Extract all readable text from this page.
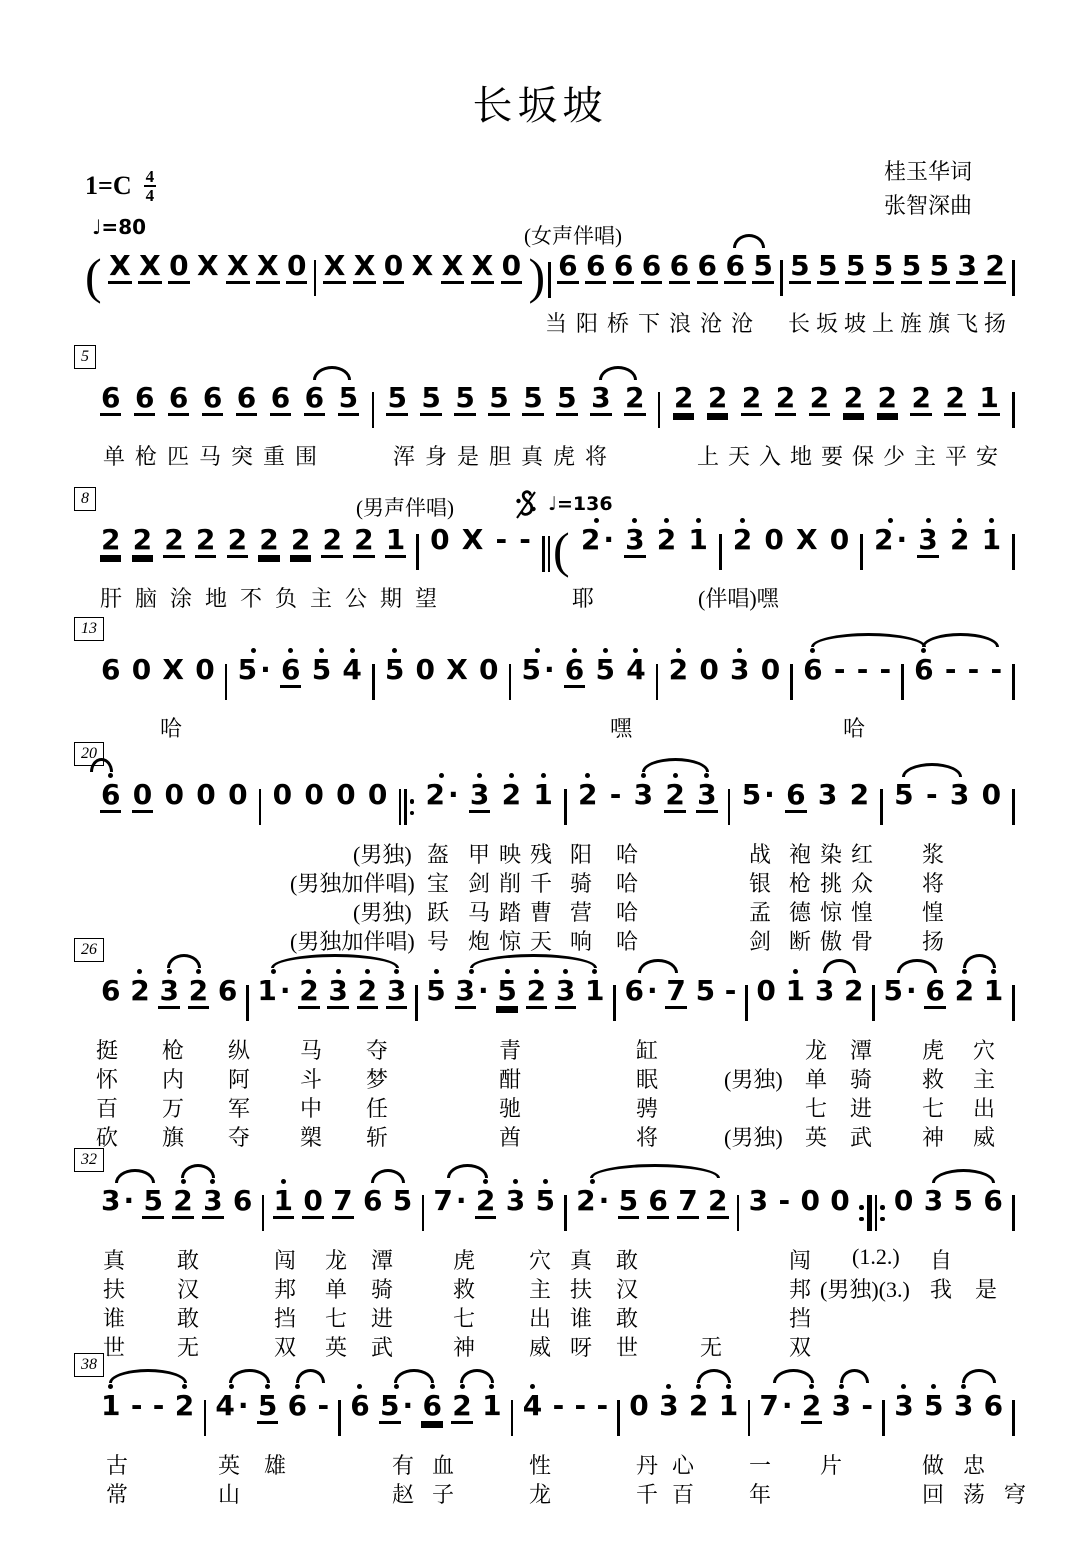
长坂坡
桂玉华词
张智深曲
1=C 4
4
♩=80	(女声伴唱)
( X X 0 X X X 0 X X 0 X X X 0 ) 6 6 6 6 6 6 6 5 5 5 5 5 5 5 3 2
当阳桥下浪沧沧 长坂坡上旌旗飞扬
5
6 6 6 6 6 6 6 5 5 5 5 5 5 5 3 2 2 2 2 2 2 2 2 2 2 1
单枪匹马突重围	浑身是胆真虎将	上天入地要保少主平安
8	(男声伴唱)	♩=136
2 2 2 2 2 2 2 2 2 1 0 X - - ( 2 · 3 2 1 2 0 X 0 2 · 3 2 1
肝脑涂地不负主公期望	耶	(伴唱)嘿
13
6 0 X 0 5 · 6 5 4 5 0 X 0 5 · 6 5 4 2 0 3 0 6 - - - 6 - - -
哈	嘿	哈
20
6 0 0 0 0 0 0 0 0 2 · 3 2 1 2 - 3 2 3 5 · 6 3 2 5 - 3 0
(男独) 盔 甲映残 阳 哈	战 袍染红 浆
(男独加伴唱) 宝 剑削千 骑 哈	银 枪挑众 将
(男独) 跃 马踏曹 营 哈	孟 德惊惶 惶
(男独加伴唱) 号 炮惊天 响 哈	剑 断傲骨 扬
26
6 2 3 2 6 1 · 2 3 2 3 5 3 · 5 2 3 1 6 · 7 5 - 0 1 3 2 5 · 6 2 1
挺 枪 纵 马 夺	青	缸	龙 潭 虎 穴
怀 内 阿 斗 梦	酣	眠	(男独) 单 骑 救 主
百 万 军 中 任	驰	骋	七 进 七 出
砍 旗 夺 槊 斩	酋	将	(男独) 英 武 神 威
32
3 · 5 2 3 6 1 0 7 6 5 7 · 2 3 5 2 · 5 6 7 2 3 - 0 0 0 3 5 6
真 敢	闯 龙 潭	虎 穴 真 敢	闯 (1.2.) 自
扶 汉	邦 单 骑	救 主 扶 汉	邦 (男独)(3.) 我 是
谁 敢	挡 七 进	七 出 谁 敢	挡
世 无	双 英 武	神 威 呀 世	无	双
38
1 - - 2 4 · 5 6 - 6 5 · 6 2 1 4 - - - 0 3 2 1 7 · 2 3 - 3 5 3 6
古	英 雄	有 血	性	丹 心 一 片	做 忠
常	山	赵 子	龙	千 百 年	回 荡 穹
